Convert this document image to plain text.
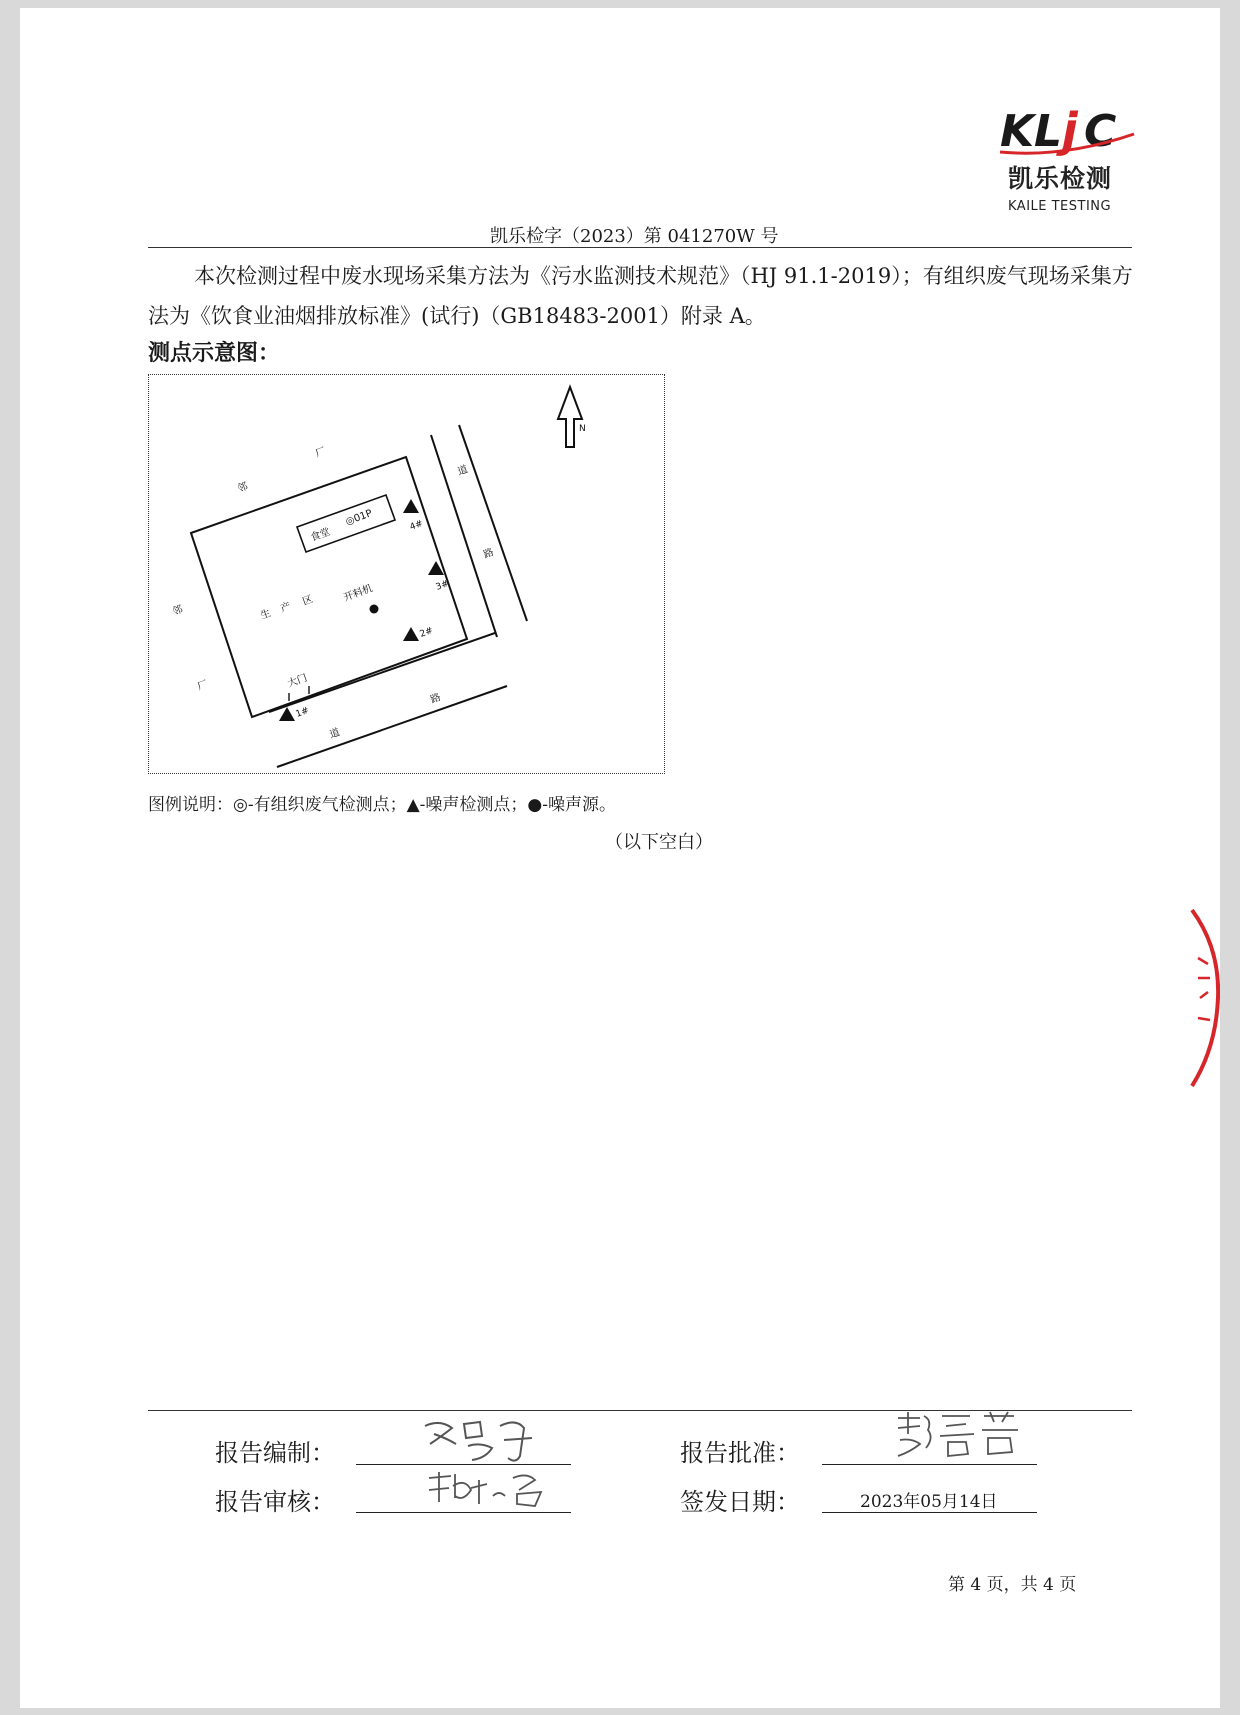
K L j C
凯乐检测
KAILE TESTING
凯乐检字（2023）第 041270W 号
本次检测过程中废水现场采集方法为《污水监测技术规范》（HJ 91.1-2019）；有组织废气现场采集方法为《饮食业油烟排放标准》(试行)（GB18483-2001）附录 A。
测点示意图：
N
食堂
◎01P
道
路
道
路
邻
厂
邻
厂
生
产
区	开料机
大门
1#
2#
3#
4#
图例说明：◎-有组织废气检测点；▲-噪声检测点；●-噪声源。
（以下空白）
报告编制：	报告批准：
报告审核：	签发日期：	2023年05月14日
第 4 页，共 4 页
